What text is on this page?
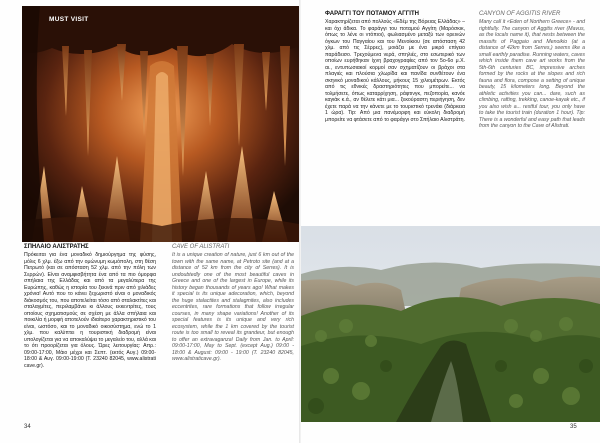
MUST VISIT
ΣΠΗΛΑΙΟ ΑΛΙΣΤΡΑΤΗΣ	CAVE OF ALISTRATI
Πρόκειται για ένα μοναδικό δημιούργημα της φύσης, μόλις 6 χλμ. έξω από την ομώνυμη κωμόπολη, στη θέση Πετρωτό (και σε απόσταση 52 χλμ. από την πόλη των Σερρών). Είναι αναμφισβήτητα ένα από τα πιο όμορφα σπήλαια της Ελλάδας και από τα μεγαλύτερα της Ευρώπης, καθώς η ιστορία του ξεκινά πριν από χιλιάδες χρόνια! Αυτό που το κάνει ξεχωριστό είναι ο μοναδικός διάκοσμός του, που αποτελείται τόσο από σταλακτίτες και σταλαγμίτες, περιλαμβάνει κι άλλους εκκεντρίτες, τους οποίους σχηματισμούς σε σχέση με άλλα σπήλαια και ποικιλία ή μορφή αποτελούν ιδιαίτερο χαρακτηριστικό του είναι, ωστόσο, και το μοναδικό οικοσύστημα, ενώ το 1 χλμ. που καλύπτει η τουριστική διαδρομή είναι υπολογίζεται για να αποκαλύψει το μεγαλείο του, αλλά και το ότι προορίζεται για όλους. Ώρες λειτουργίας: Απρ.: 09:00-17:00, Μάιο μέχρι και Σεπτ. (εκτός Αυγ.) 09:00-18:00 & Αυγ. 09:00-19:00 (Τ. 23240 82045, www.alistrati cave.gr).
It is a unique creation of nature, just 6 km out of the town with the same name, at Petroto site (and at a distance of 52 km from the city of Serres). It is undoubtedly one of the most beautiful caves in Greece and one of the largest in Europe, while its history began thousands of years ago! What makes it special is its unique adecoration, which, beyond the huge stalactites and stalagmites, also includes eccentrites, rare formations that follow irregular courses, in many shape variations! Another of its special features is its unique and very rich ecosystem, while the 1 km covered by the tourist route is too small to reveal its grandeur, but enough to offer an extravaganza! Daily from Jan. to April: 09:00-17:00, May to Sept. (except Aug.) 09:00 - 18:00 & August: 09:00 - 19:00 (T. 23240 82045, www.alistraticave.gr).
ΦΑΡΑΓΓΙ ΤΟΥ ΠΟΤΑΜΟΥ ΑΓΓΙΤΗ	CANYON OF AGGITIS RIVER
Χαρακτηρίζεται από πολλούς «Εδέμ της Βόρειας Ελλάδας» – και όχι άδικα. Το φαράγγι του ποταμού Αγγίτη (Μαρόσκικ, όπως το λένε οι ντόπιοι), φωλιασμένο μεταξύ των ορεινών όγκων του Παγγαίου και του Μενοίκιου (σε απόσταση 42 χλμ. από τις Σέρρες), μοιάζει με ένα μικρό επίγειο παράδεισο. Τρεχούμενα νερά, σπηλιές, στο εσωτερικό των οποίων ευρήθηκαν ίχνη βραχογραφίες από τον 5ο-6ο μ.Χ. αι., εντυπωσιακοί κορμοί σαν σχηματίζουν οι βράχοι στα πλαγιές και πλούσια χλωρίδα και πανίδα συνθέτουν ένα σκηνικό μοναδικού κάλλους, μήκους 15 χιλιομέτρων. Εκτός από τις εθνικές δραστηριότητες που μπορείτε... να τολμήσετε, όπως καταρρίχηση, ράφτινγκ, πεζοπορία, κανόε καγιάκ κ.ά., αν θέλετε κάτι μια... ξεκούραστη περιήγηση, δεν έχετε παρά να την κάνετε με το τουριστικό τρενάκι (διάρκεια 1 ώρα). Tip: Από μια πανέμορφη και εύκολη διαδρομή μπορείτε να φτάσετε από το φαράγγι στο Σπήλαιο Αλιστράτη.
Many call it «Eden of Northern Greece» - and rightfully. The canyon of Aggitis river (Mavus, as the locals name it), that nests between the massifs of Paggaio and Menoikio (at a distance of 42km from Serres,) seems like a small earthly paradise. Running waters, caves which inside them cave art works from the 5th-6th centuries BC, impressive arches formed by the rocks at the slopes and rich fauna and flora, compose a setting of unique beauty, 15 kilometers long. Beyond the athletic activities you can... dare, such as climbing, rafting, trekking, canoe-kayak etc., if you also wish a... restful tour, you only have to take the tourist train (duration 1 hour). Tip: There is a wonderful and easy path that leads from the canyon to the Cave of Alistrati.
34	35
